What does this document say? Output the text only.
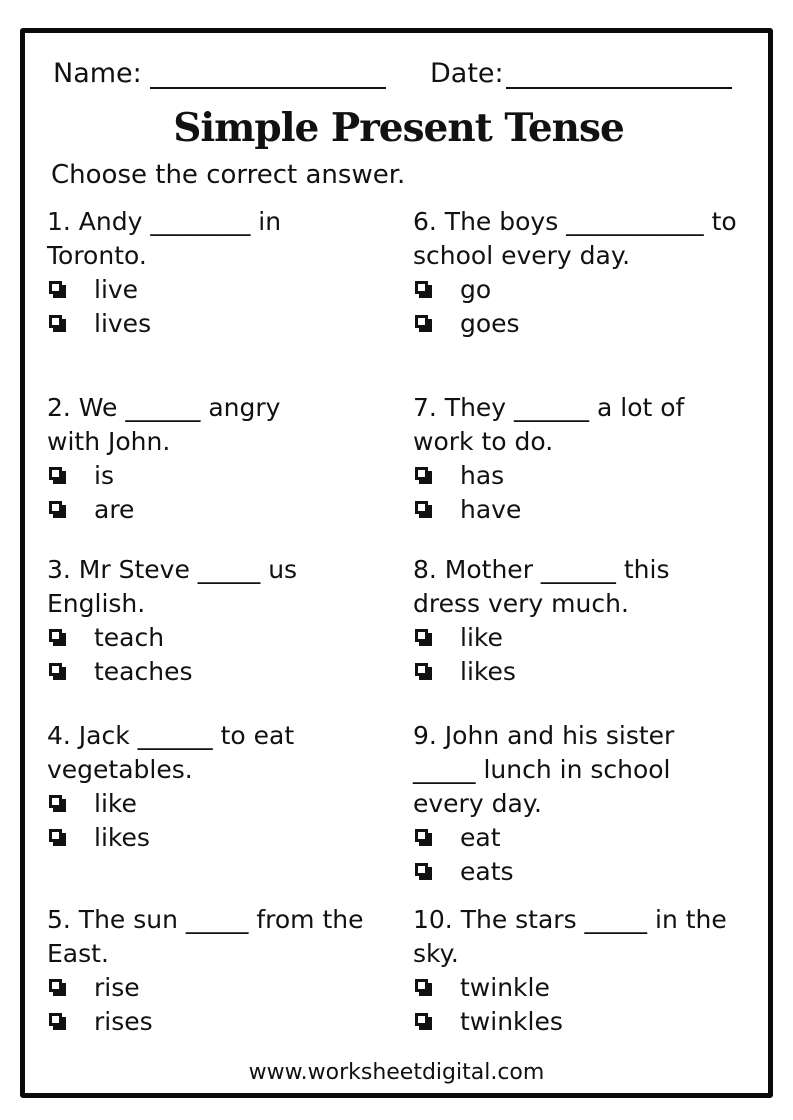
Name:	Date:
Simple Present Tense
Choose the correct answer.
1. Andy ________ in
Toronto.
live
lives
2. We ______ angry
with John.
is
are
3. Mr Steve _____ us
English.
teach
teaches
4. Jack ______ to eat
vegetables.
like
likes
5. The sun _____ from the
East.
rise
rises
6. The boys ___________ to
school every day.
go
goes
7. They ______ a lot of
work to do.
has
have
8. Mother ______ this
dress very much.
like
likes
9. John and his sister
_____ lunch in school
every day.
eat
eats
10. The stars _____ in the
sky.
twinkle
twinkles
www.worksheetdigital.com
